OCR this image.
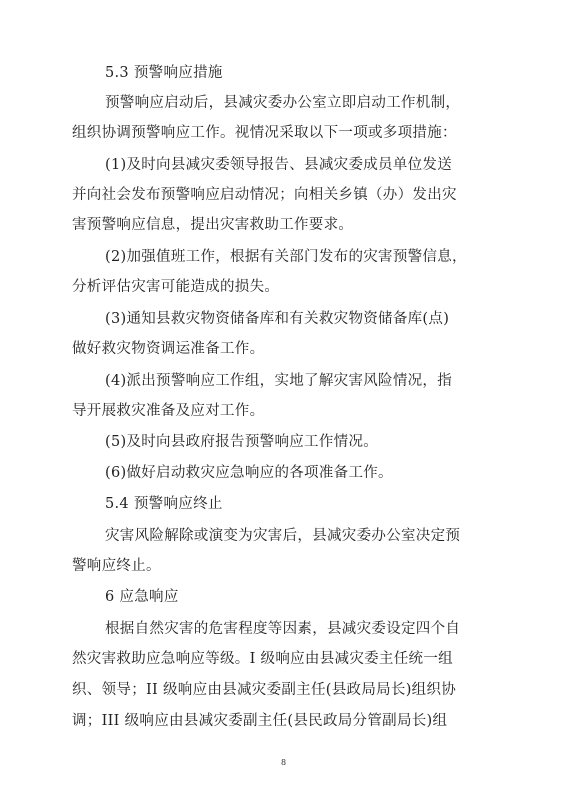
5.3 预警响应措施
预警响应启动后，县减灾委办公室立即启动工作机制，
组织协调预警响应工作。视情况采取以下一项或多项措施：
(1)及时向县减灾委领导报告、县减灾委成员单位发送
并向社会发布预警响应启动情况；向相关乡镇（办）发出灾
害预警响应信息，提出灾害救助工作要求。
(2)加强值班工作，根据有关部门发布的灾害预警信息，
分析评估灾害可能造成的损失。
(3)通知县救灾物资储备库和有关救灾物资储备库(点)
做好救灾物资调运准备工作。
(4)派出预警响应工作组，实地了解灾害风险情况，指
导开展救灾准备及应对工作。
(5)及时向县政府报告预警响应工作情况。
(6)做好启动救灾应急响应的各项准备工作。
5.4 预警响应终止
灾害风险解除或演变为灾害后，县减灾委办公室决定预
警响应终止。
6 应急响应
根据自然灾害的危害程度等因素，县减灾委设定四个自
然灾害救助应急响应等级。I 级响应由县减灾委主任统一组
织、领导；II 级响应由县减灾委副主任(县政局局长)组织协
调；III 级响应由县减灾委副主任(县民政局分管副局长)组
8
